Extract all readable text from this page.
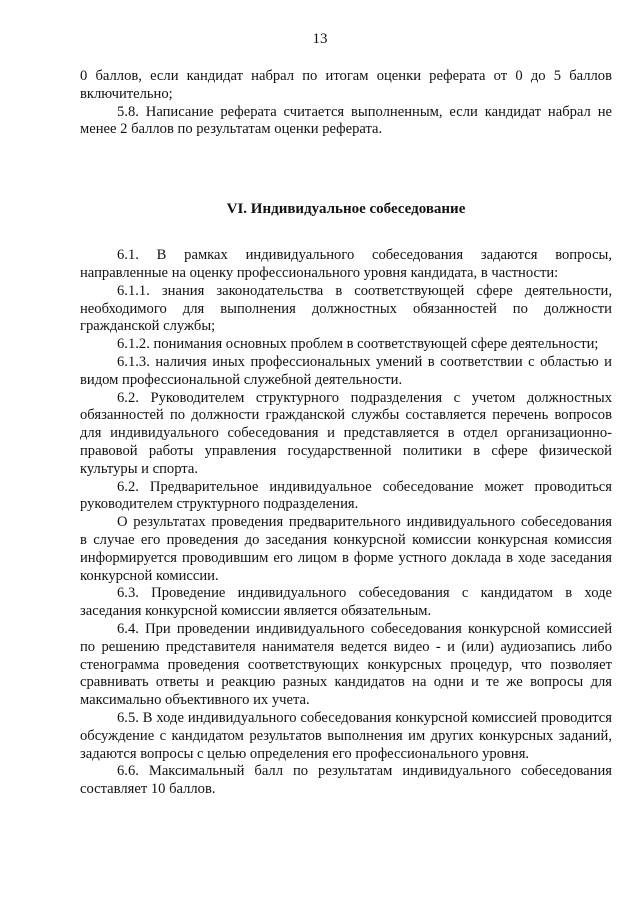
13

0 баллов, если кандидат набрал по итогам оценки реферата от 0 до 5 баллов включительно;

5.8. Написание реферата считается выполненным, если кандидат набрал не менее 2 баллов по результатам оценки реферата.

VI. Индивидуальное собеседование

6.1. В рамках индивидуального собеседования задаются вопросы, направленные на оценку профессионального уровня кандидата, в частности:

6.1.1. знания законодательства в соответствующей сфере деятельности, необходимого для выполнения должностных обязанностей по должности гражданской службы;

6.1.2. понимания основных проблем в соответствующей сфере деятельности;

6.1.3. наличия иных профессиональных умений в соответствии с областью и видом профессиональной служебной деятельности.

6.2. Руководителем структурного подразделения с учетом должностных обязанностей по должности гражданской службы составляется перечень вопросов для индивидуального собеседования и представляется в отдел организационно-правовой работы управления государственной политики в сфере физической культуры и спорта.

6.2. Предварительное индивидуальное собеседование может проводиться руководителем структурного подразделения.

О результатах проведения предварительного индивидуального собеседования в случае его проведения до заседания конкурсной комиссии конкурсная комиссия информируется проводившим его лицом в форме устного доклада в ходе заседания конкурсной комиссии.

6.3. Проведение индивидуального собеседования с кандидатом в ходе заседания конкурсной комиссии является обязательным.

6.4. При проведении индивидуального собеседования конкурсной комиссией по решению представителя нанимателя ведется видео - и (или) аудиозапись либо стенограмма проведения соответствующих конкурсных процедур, что позволяет сравнивать ответы и реакцию разных кандидатов на одни и те же вопросы для максимально объективного их учета.

6.5. В ходе индивидуального собеседования конкурсной комиссией проводится обсуждение с кандидатом результатов выполнения им других конкурсных заданий, задаются вопросы с целью определения его профессионального уровня.

6.6. Максимальный балл по результатам индивидуального собеседования составляет 10 баллов.
